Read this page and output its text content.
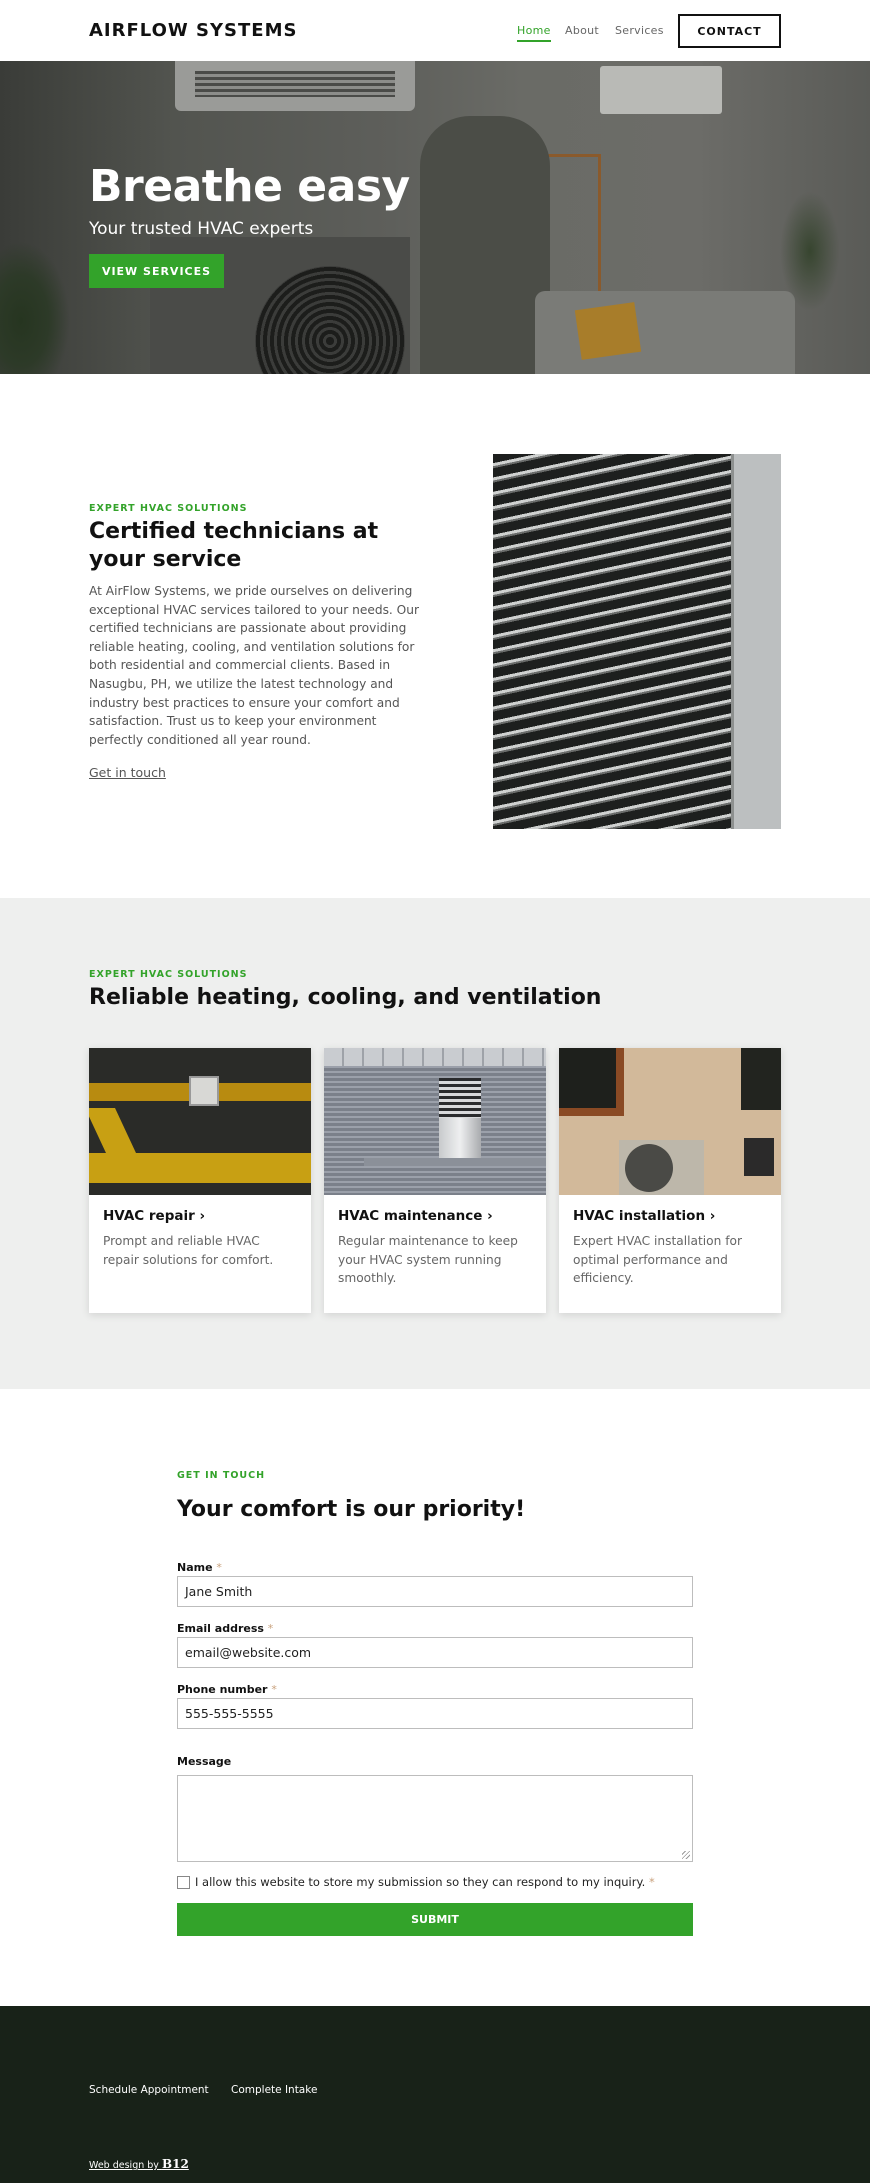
AIRFLOW SYSTEMS	Home About Services	CONTACT
Breathe easy
Your trusted HVAC experts
VIEW SERVICES
EXPERT HVAC SOLUTIONS
Certified technicians at your service

At AirFlow Systems, we pride ourselves on delivering exceptional HVAC services tailored to your needs. Our certified technicians are passionate about providing reliable heating, cooling, and ventilation solutions for both residential and commercial clients. Based in Nasugbu, PH, we utilize the latest technology and industry best practices to ensure your comfort and satisfaction. Trust us to keep your environment perfectly conditioned all year round.

Get in touch
EXPERT HVAC SOLUTIONS
Reliable heating, cooling, and ventilation
HVAC repair ›
Prompt and reliable HVAC repair solutions for comfort.
HVAC maintenance ›
Regular maintenance to keep your HVAC system running smoothly.
HVAC installation ›
Expert HVAC installation for optimal performance and efficiency.
GET IN TOUCH
Your comfort is our priority!
Name *
Jane Smith
Email address *
email@website.com
Phone number *
555-555-5555
Message
I allow this website to store my submission so they can respond to my inquiry. *
SUBMIT
Schedule Appointment Complete Intake
Web design by B12
